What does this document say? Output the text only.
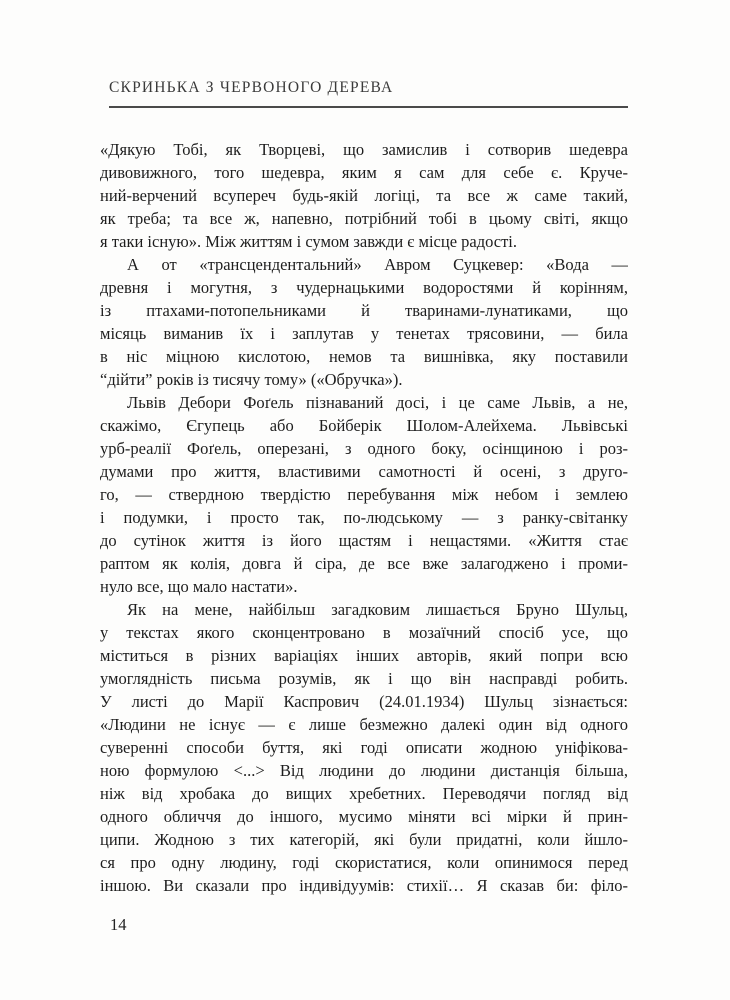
СКРИНЬКА З ЧЕРВОНОГО ДЕРЕВА
«Дякую Тобі, як Творцеві, що замислив і сотворив шедевра
дивовижного, того шедевра, яким я сам для себе є. Круче-
ний-верчений всупереч будь-якій логіці, та все ж саме такий,
як треба; та все ж, напевно, потрібний тобі в цьому світі, якщо
я таки існую». Між життям і сумом завжди є місце радості.
А от «трансцендентальний» Авром Суцкевер: «Вода —
древня і могутня, з чудернацькими водоростями й корінням,
із птахами-потопельниками й тваринами-лунатиками, що
місяць виманив їх і заплутав у тенетах трясовини, — била
в ніс міцною кислотою, немов та вишнівка, яку поставили
“дійти” років із тисячу тому» («Обручка»).
Львів Дебори Фоґель пізнаваний досі, і це саме Львів, а не,
скажімо, Єгупець або Бойберік Шолом-Алейхема. Львівські
урб-реалії Фоґель, оперезані, з одного боку, осінщиною і роз-
думами про життя, властивими самотності й осені, з друго-
го, — ствердною твердістю перебування між небом і землею
і подумки, і просто так, по-людському — з ранку-світанку
до сутінок життя із його щастям і нещастями. «Життя стає
раптом як колія, довга й сіра, де все вже залагоджено і проми-
нуло все, що мало настати».
Як на мене, найбільш загадковим лишається Бруно Шульц,
у текстах якого сконцентровано в мозаїчний спосіб усе, що
міститься в різних варіаціях інших авторів, який попри всю
умоглядність письма розумів, як і що він насправді робить.
У листі до Марії Каспрович (24.01.1934) Шульц зізнається:
«Людини не існує — є лише безмежно далекі один від одного
суверенні способи буття, які годі описати жодною уніфікова-
ною формулою <...> Від людини до людини дистанція більша,
ніж від хробака до вищих хребетних. Переводячи погляд від
одного обличчя до іншого, мусимо міняти всі мірки й прин-
ципи. Жодною з тих категорій, які були придатні, коли йшло-
ся про одну людину, годі скористатися, коли опинимося перед
іншою. Ви сказали про індивідуумів: стихії… Я сказав би: філо-
14
